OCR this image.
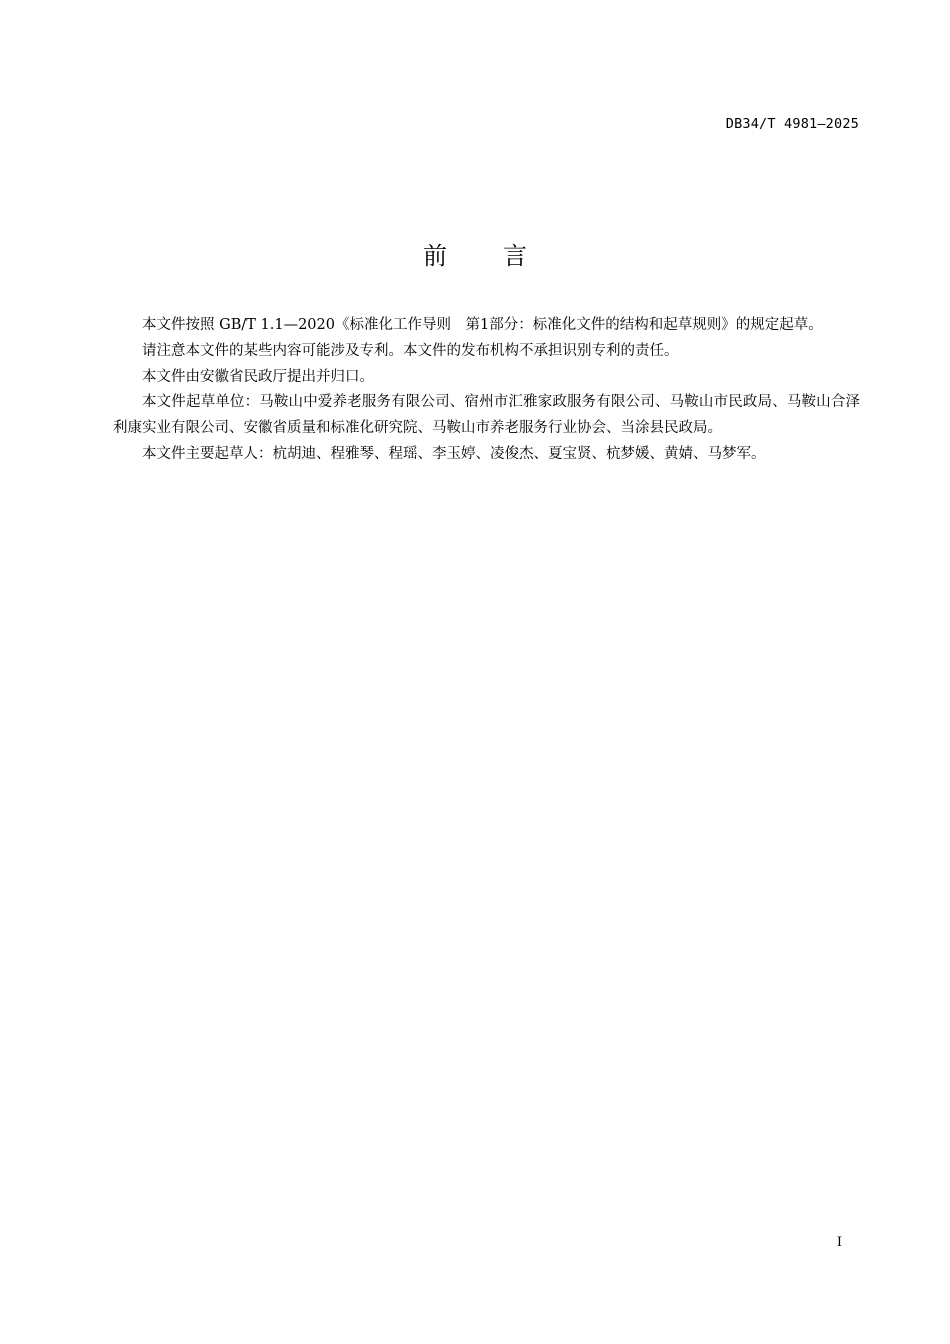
DB34/T 4981—2025
前言

本文件按照 GB/T 1.1—2020《标准化工作导则　第1部分：标准化文件的结构和起草规则》的规定起草。

请注意本文件的某些内容可能涉及专利。本文件的发布机构不承担识别专利的责任。

本文件由安徽省民政厅提出并归口。

本文件起草单位：马鞍山中爱养老服务有限公司、宿州市汇雅家政服务有限公司、马鞍山市民政局、马鞍山合泽利康实业有限公司、安徽省质量和标准化研究院、马鞍山市养老服务行业协会、当涂县民政局。

本文件主要起草人：杭胡迪、程雅琴、程瑶、李玉婷、凌俊杰、夏宝贤、杭梦媛、黄婧、马梦军。

I
